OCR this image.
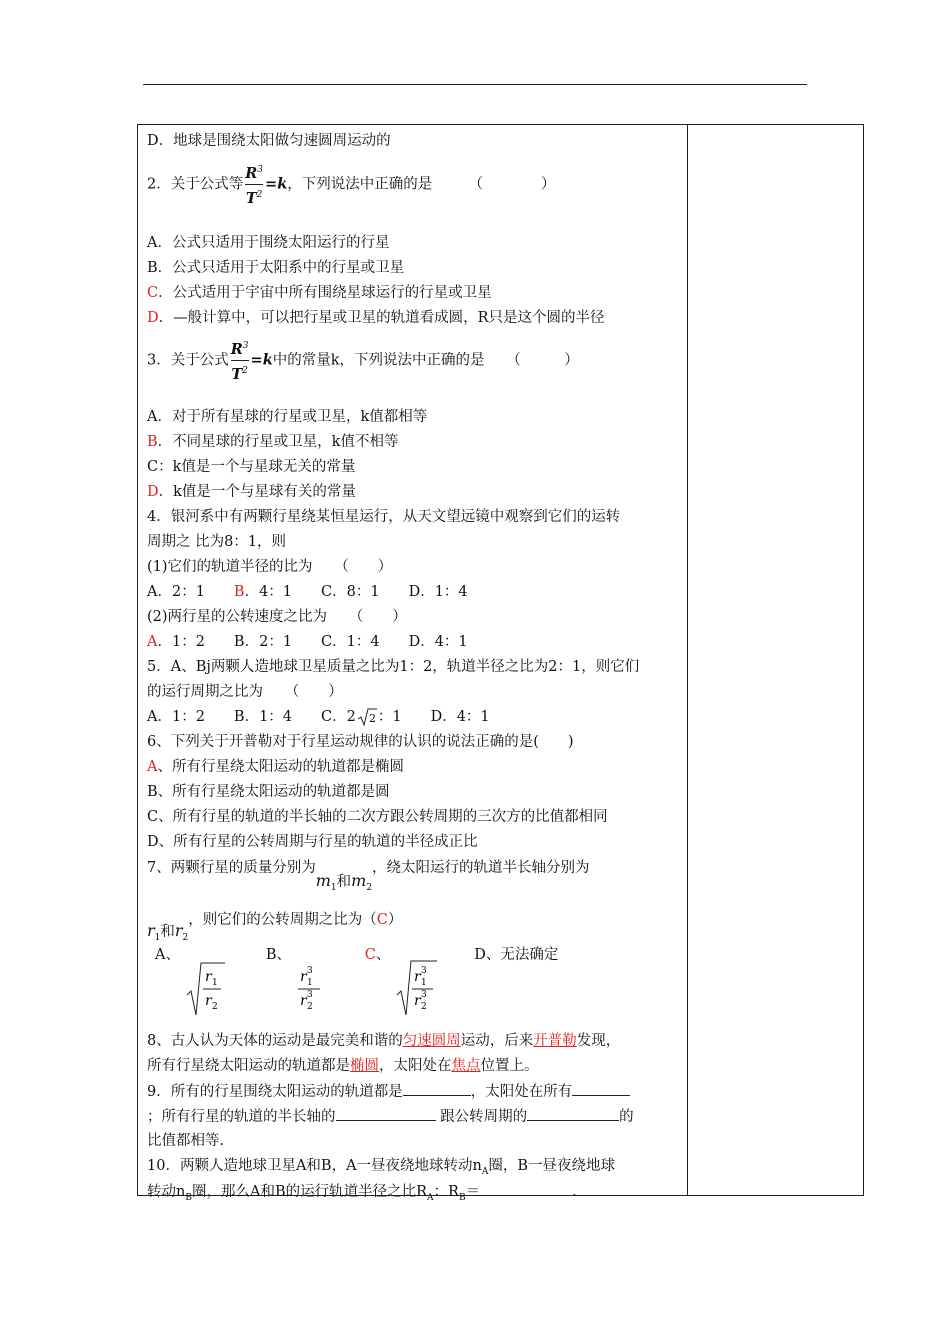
D．地球是围绕太阳做匀速圆周运动的
2．关于公式等 $\frac{R^3}{T^2} =k$，下列说法中正确的是　　　（　　　　）
A．公式只适用于围绕太阳运行的行星
B．公式只适用于太阳系中的行星或卫星
C．公式适用于宇宙中所有围绕星球运行的行星或卫星
D．—般计算中，可以把行星或卫星的轨道看成圆，R只是这个圆的半径
3．关于公式 $\frac{R^3}{T^2} =k$中的常量k，下列说法中正确的是　　（　　　）
A．对于所有星球的行星或卫星，k值都相等
B．不同星球的行星或卫星，k值不相等
C：k值是一个与星球无关的常量
D．k值是一个与星球有关的常量
4．银河系中有两颗行星绕某恒星运行，从天文望远镜中观察到它们的运转
周期之 比为8：1，则
(1)它们的轨道半径的比为　　（　　）
A．2：1　　B．4：1　　C．8：1　　D．1：4
(2)两行星的公转速度之比为　　（　　）
A．1：2　　B．2：1　　C．1：4　　D．4：1
5．A、Bj两颗人造地球卫星质量之比为1：2，轨道半径之比为2：1，则它们
的运行周期之比为　　（　　）
A．1：2　　B．1：4　　C．2 2 ：1　　D．4：1
6、下列关于开普勒对于行星运动规律的认识的说法正确的是(　　)
A、所有行星绕太阳运动的轨道都是椭圆
B、所有行星绕太阳运动的轨道都是圆
C、所有行星的轨道的半长轴的二次方跟公转周期的三次方的比值都相同
D、所有行星的公转周期与行星的轨道的半径成正比
7、两颗行星的质量分别为$m_1$和$m_2$，绕太阳运行的轨道半长轴分别为
$r_1$和$r_2$，则它们的公转周期之比为（C）
A、
r 1
r 2
B、
r 3
1
r 3
2
C、
r 3
1
r 3
2
D、无法确定
8、古人认为天体的运动是最完美和谐的匀速圆周运动，后来开普勒发现，
所有行星绕太阳运动的轨道都是椭圆，太阳处在焦点位置上。
9．所有的行星围绕太阳运动的轨道都是	，太阳处在所有
；所有行星的轨道的半长轴的	跟公转周期的	的
比值都相等.
10．两颗人造地球卫星A和B，A一昼夜绕地球转动$n_A$圈，B一昼夜绕地球
转动$n_B$圈，那么A和B的运行轨道半径之比$R_A$：$R_B=$	.
